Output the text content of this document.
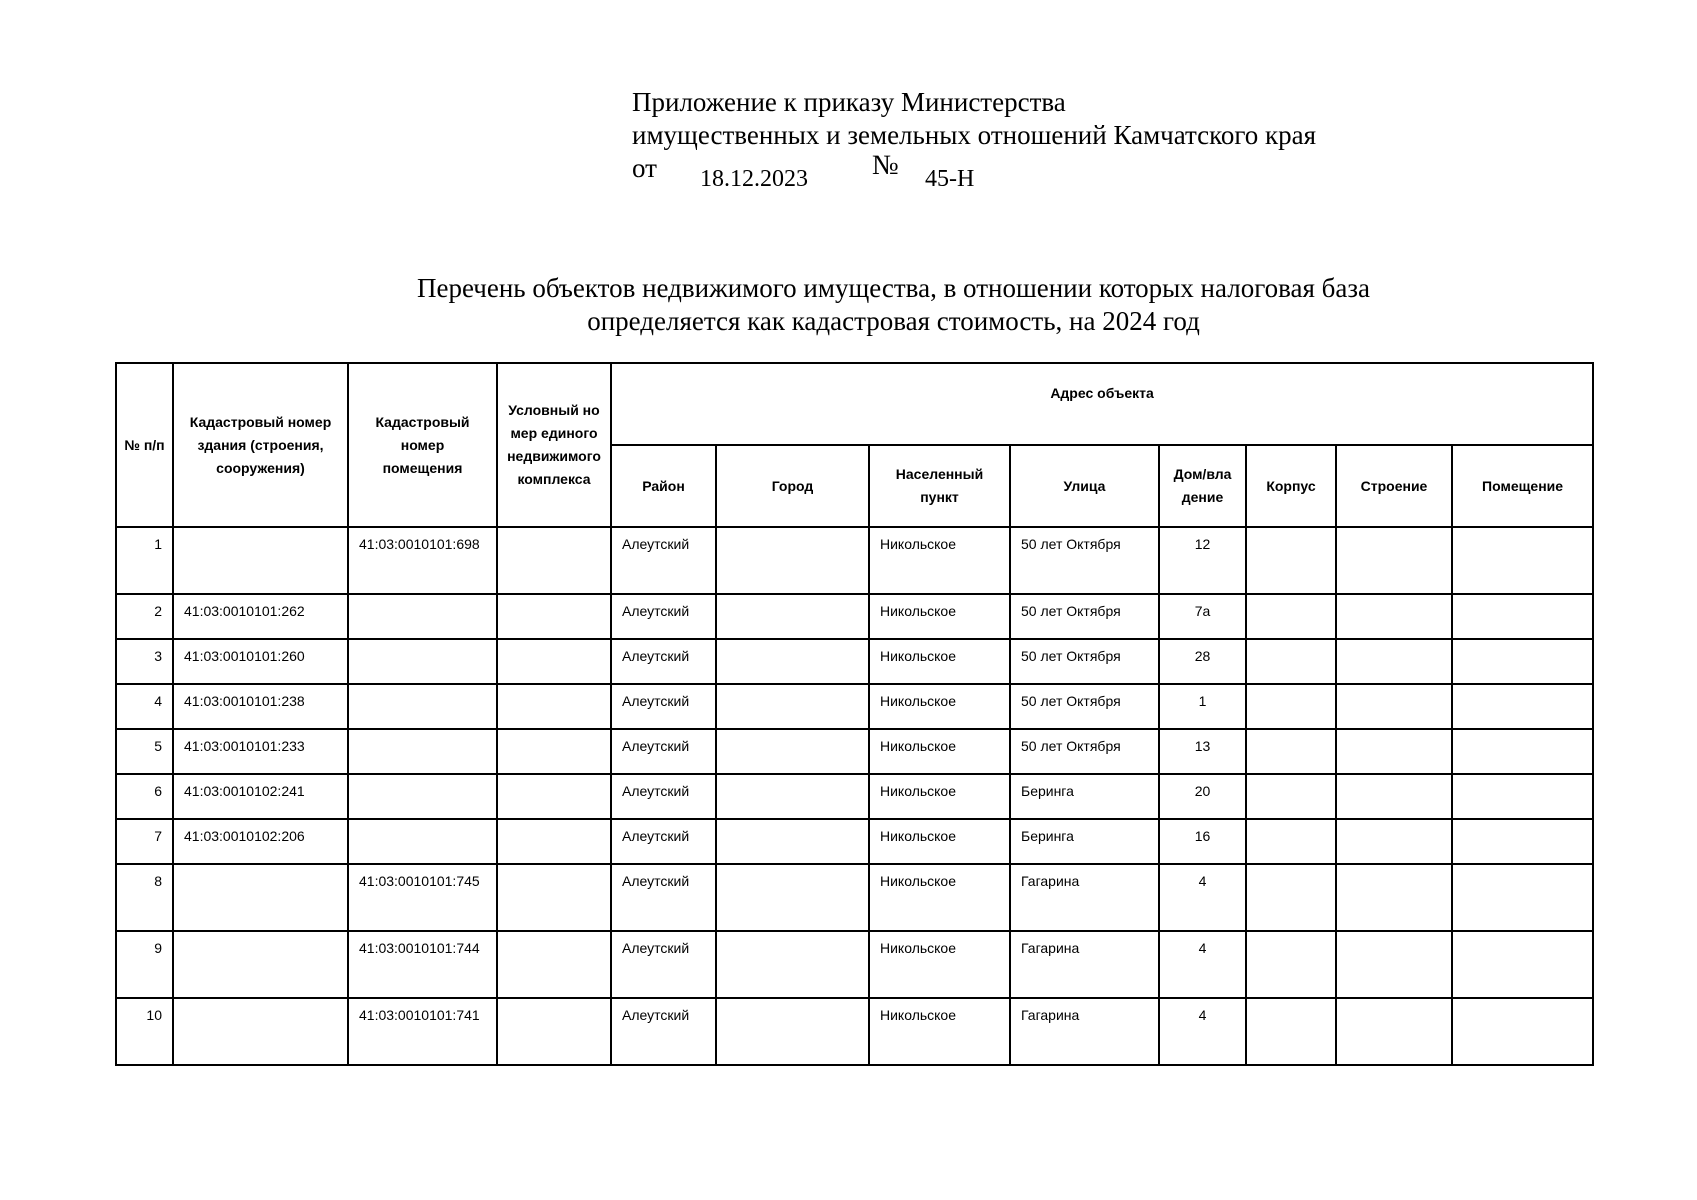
Приложение к приказу Министерства
имущественных и земельных отношений Камчатского края
от 18.12.2023 № 45-Н
Перечень объектов недвижимого имущества, в отношении которых налоговая база
определяется как кадастровая стоимость, на 2024 год
№ п/п	Кадастровый номер здания (строения, сооружения)	Кадастровый номер помещения	Условный номер единого недвижимого комплекса	Адрес объекта							
				Район	Город	Населенный пункт	Улица	Дом/вла дение	Корпус	Строение	Помещение
1		41:03:0010101:698		Алеутский		Никольское	50 лет Октября	12			
2	41:03:0010101:262			Алеутский		Никольское	50 лет Октября	7а			
3	41:03:0010101:260			Алеутский		Никольское	50 лет Октября	28			
4	41:03:0010101:238			Алеутский		Никольское	50 лет Октября	1			
5	41:03:0010101:233			Алеутский		Никольское	50 лет Октября	13			
6	41:03:0010102:241			Алеутский		Никольское	Беринга	20			
7	41:03:0010102:206			Алеутский		Никольское	Беринга	16			
8		41:03:0010101:745		Алеутский		Никольское	Гагарина	4			
9		41:03:0010101:744		Алеутский		Никольское	Гагарина	4			
10		41:03:0010101:741		Алеутский		Никольское	Гагарина	4			
